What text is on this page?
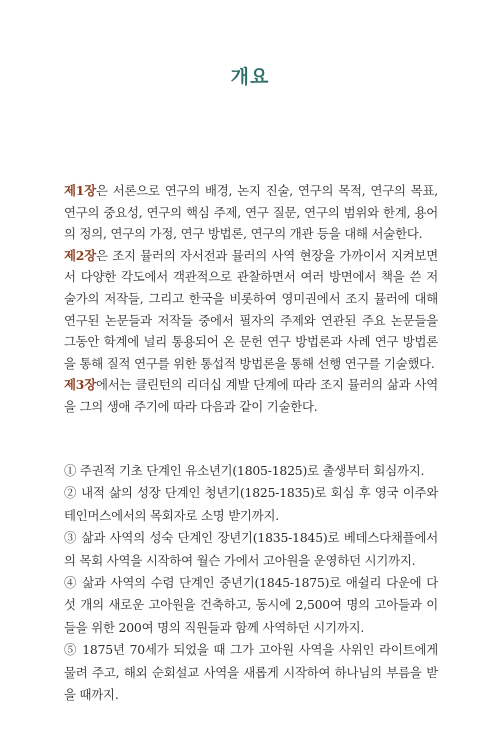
개요

제1장은 서론으로 연구의 배경, 논지 진술, 연구의 목적, 연구의 목표, 연구의 중요성, 연구의 핵심 주제, 연구 질문, 연구의 범위와 한계, 용어의 정의, 연구의 가정, 연구 방법론, 연구의 개관 등을 대해 서술한다.

제2장은 조지 뮬러의 자서전과 뮬러의 사역 현장을 가까이서 지켜보면서 다양한 각도에서 객관적으로 관찰하면서 여러 방면에서 책을 쓴 저술가의 저작들, 그리고 한국을 비롯하여 영미권에서 조지 뮬러에 대해 연구된 논문들과 저작들 중에서 필자의 주제와 연관된 주요 논문들을 그동안 학계에 널리 통용되어 온 문헌 연구 방법론과 사례 연구 방법론을 통해 질적 연구를 위한 통섭적 방법론을 통해 선행 연구를 기술했다.

제3장에서는 클린턴의 리더십 계발 단계에 따라 조지 뮬러의 삶과 사역을 그의 생애 주기에 따라 다음과 같이 기술한다.

① 주권적 기초 단계인 유소년기(1805-1825)로 출생부터 회심까지.

② 내적 삶의 성장 단계인 청년기(1825-1835)로 회심 후 영국 이주와 테인머스에서의 목회자로 소명 받기까지.

③ 삶과 사역의 성숙 단계인 장년기(1835-1845)로 베데스다채플에서의 목회 사역을 시작하여 월슨 가에서 고아원을 운영하던 시기까지.

④ 삶과 사역의 수렴 단계인 중년기(1845-1875)로 애쉴리 다운에 다섯 개의 새로운 고아원을 건축하고, 동시에 2,500여 명의 고아들과 이들을 위한 200여 명의 직원들과 함께 사역하던 시기까지.

⑤ 1875년 70세가 되었을 때 그가 고아원 사역을 사위인 라이트에게 물려 주고, 해외 순회설교 사역을 새롭게 시작하여 하나님의 부름을 받을 때까지.
